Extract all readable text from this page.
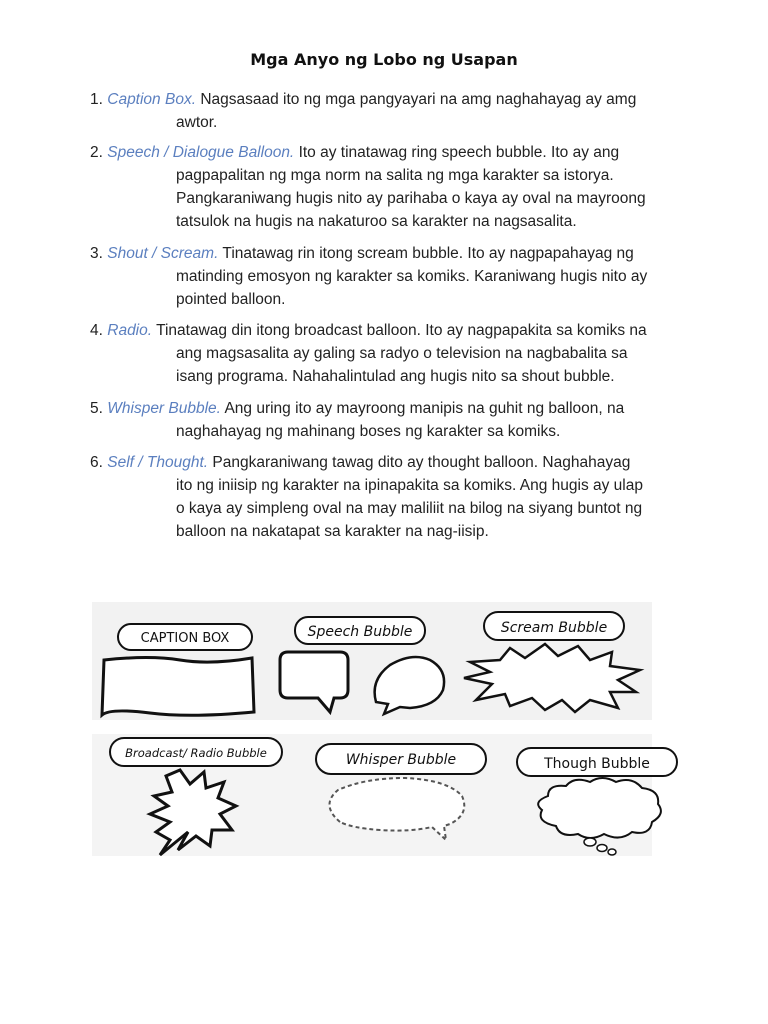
Mga Anyo ng Lobo ng Usapan
1. Caption Box. Nagsasaad ito ng mga pangyayari na amg naghahayag ay amg
awtor.
2. Speech / Dialogue Balloon. Ito ay tinatawag ring speech bubble. Ito ay ang
pagpapalitan ng mga norm na salita ng mga karakter sa istorya.
Pangkaraniwang hugis nito ay parihaba o kaya ay oval na mayroong
tatsulok na hugis na nakaturoo sa karakter na nagsasalita.
3. Shout / Scream. Tinatawag rin itong scream bubble. Ito ay nagpapahayag ng
matinding emosyon ng karakter sa komiks. Karaniwang hugis nito ay
pointed balloon.
4. Radio. Tinatawag din itong broadcast balloon. Ito ay nagpapakita sa komiks na
ang magsasalita ay galing sa radyo o television na nagbabalita sa
isang programa. Nahahalintulad ang hugis nito sa shout bubble.
5. Whisper Bubble. Ang uring ito ay mayroong manipis na guhit ng balloon, na
naghahayag ng mahinang boses ng karakter sa komiks.
6. Self / Thought. Pangkaraniwang tawag dito ay thought balloon. Naghahayag
ito ng iniisip ng karakter na ipinapakita sa komiks. Ang hugis ay ulap
o kaya ay simpleng oval na may maliliit na bilog na siyang buntot ng
balloon na nakatapat sa karakter na nag-iisip.
CAPTION BOX	Speech Bubble	Scream Bubble
Broadcast/ Radio Bubble	Whisper Bubble	Though Bubble
